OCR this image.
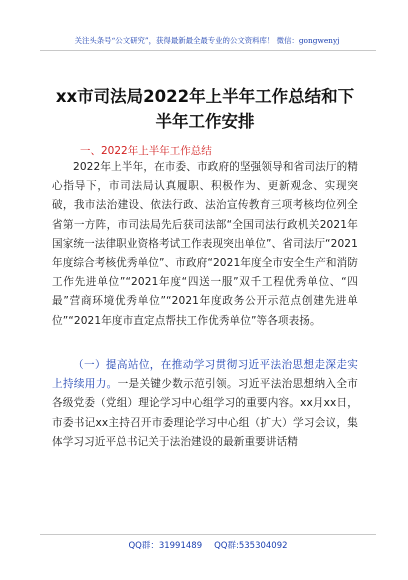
关注头条号“公文研究”，获得最新最全最专业的公文资料库！ 微信：gongwenyj
xx市司法局2022年上半年工作总结和下半年工作安排
一、2022年上半年工作总结
2022年上半年，在市委、市政府的坚强领导和省司法厅的精心指导下，市司法局认真履职、积极作为、更新观念、实现突破，我市法治建设、依法行政、法治宣传教育三项考核均位列全省第一方阵，市司法局先后获司法部“全国司法行政机关2021年国家统一法律职业资格考试工作表现突出单位”、省司法厅“2021年度综合考核优秀单位”、市政府“2021年度全市安全生产和消防工作先进单位”“2021年度“四送一服”双千工程优秀单位、“四最”营商环境优秀单位”“2021年度政务公开示范点创建先进单位”“2021年度市直定点帮扶工作优秀单位”等各项表扬。
（一）提高站位，在推动学习贯彻习近平法治思想走深走实上持续用力。一是关键少数示范引领。习近平法治思想纳入全市各级党委（党组）理论学习中心组学习的重要内容。xx月xx日，市委书记xx主持召开市委理论学习中心组（扩大）学习会议，集体学习习近平总书记关于法治建设的最新重要讲话精
QQ群：31991489 QQ群:535304092
